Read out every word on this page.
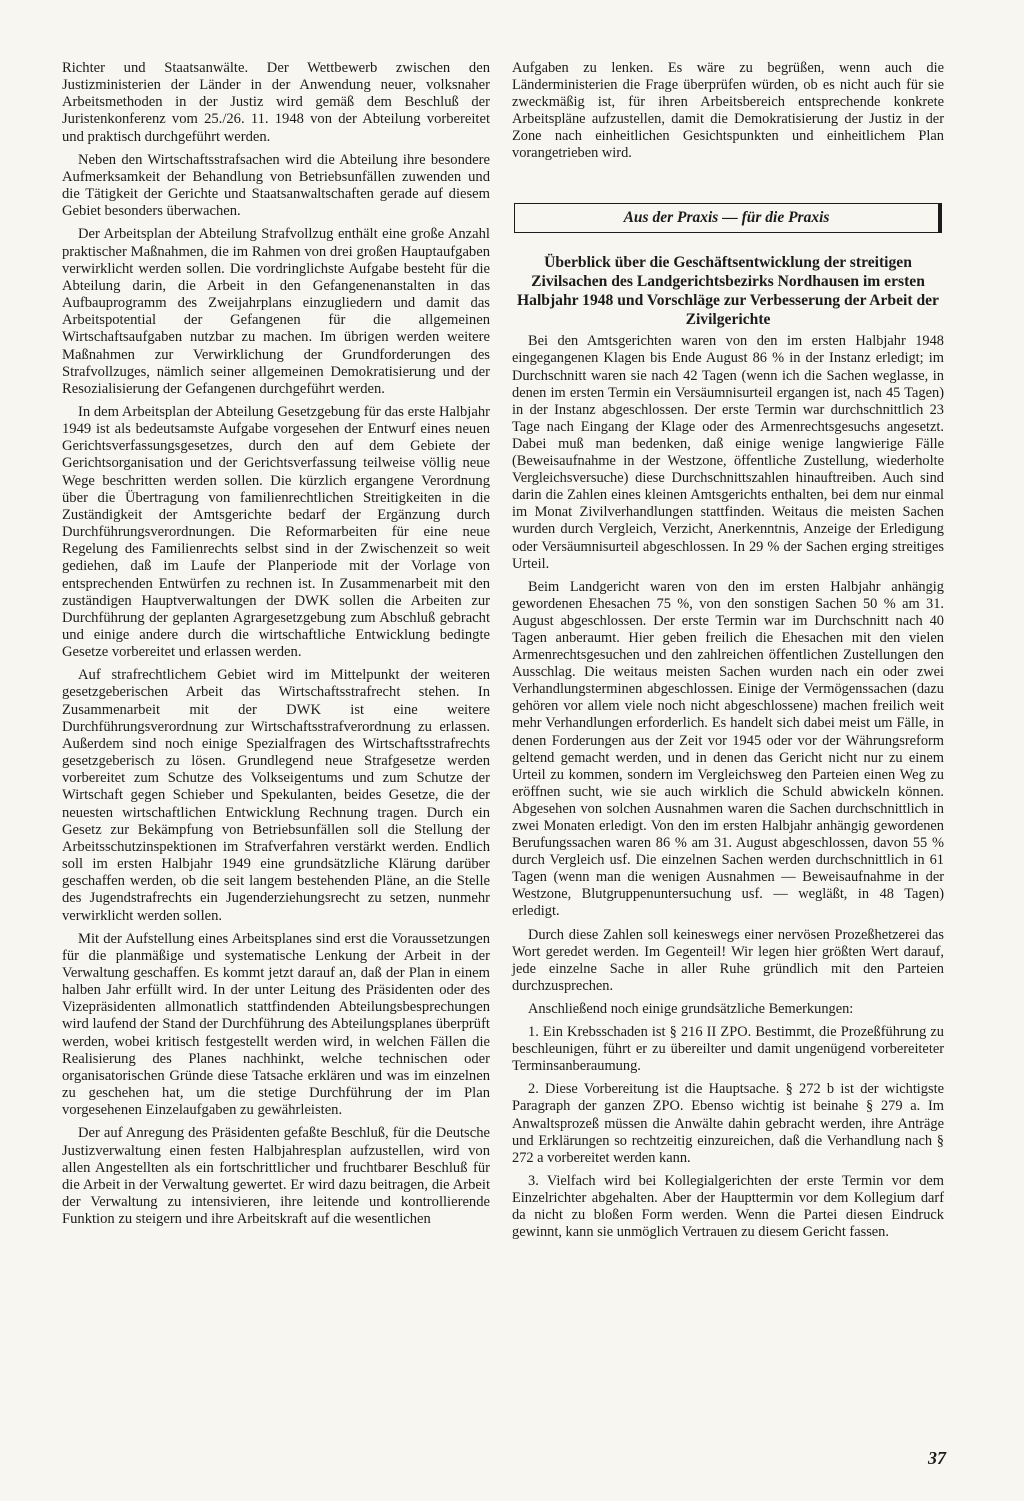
Richter und Staatsanwälte. Der Wettbewerb zwischen den Justizministerien der Länder in der Anwendung neuer, volksnaher Arbeitsmethoden in der Justiz wird gemäß dem Beschluß der Juristenkonferenz vom 25./26. 11. 1948 von der Abteilung vorbereitet und praktisch durchgeführt werden.

Neben den Wirtschaftsstrafsachen wird die Abteilung ihre besondere Aufmerksamkeit der Behandlung von Betriebsunfällen zuwenden und die Tätigkeit der Gerichte und Staatsanwaltschaften gerade auf diesem Gebiet besonders überwachen.

Der Arbeitsplan der Abteilung Strafvollzug enthält eine große Anzahl praktischer Maßnahmen, die im Rahmen von drei großen Hauptaufgaben verwirklicht werden sollen. Die vordringlichste Aufgabe besteht für die Abteilung darin, die Arbeit in den Gefangenenanstalten in das Aufbauprogramm des Zweijahrplans einzugliedern und damit das Arbeitspotential der Gefangenen für die allgemeinen Wirtschaftsaufgaben nutzbar zu machen. Im übrigen werden weitere Maßnahmen zur Verwirklichung der Grundforderungen des Strafvollzuges, nämlich seiner allgemeinen Demokratisierung und der Resozialisierung der Gefangenen durchgeführt werden.

In dem Arbeitsplan der Abteilung Gesetzgebung für das erste Halbjahr 1949 ist als bedeutsamste Aufgabe vorgesehen der Entwurf eines neuen Gerichtsverfassungsgesetzes, durch den auf dem Gebiete der Gerichtsorganisation und der Gerichtsverfassung teilweise völlig neue Wege beschritten werden sollen. Die kürzlich ergangene Verordnung über die Übertragung von familienrechtlichen Streitigkeiten in die Zuständigkeit der Amtsgerichte bedarf der Ergänzung durch Durchführungsverordnungen. Die Reformarbeiten für eine neue Regelung des Familienrechts selbst sind in der Zwischenzeit so weit gediehen, daß im Laufe der Planperiode mit der Vorlage von entsprechenden Entwürfen zu rechnen ist. In Zusammenarbeit mit den zuständigen Hauptverwaltungen der DWK sollen die Arbeiten zur Durchführung der geplanten Agrargesetzgebung zum Abschluß gebracht und einige andere durch die wirtschaftliche Entwicklung bedingte Gesetze vorbereitet und erlassen werden.

Auf strafrechtlichem Gebiet wird im Mittelpunkt der weiteren gesetzgeberischen Arbeit das Wirtschaftsstrafrecht stehen. In Zusammenarbeit mit der DWK ist eine weitere Durchführungsverordnung zur Wirtschaftsstrafverordnung zu erlassen. Außerdem sind noch einige Spezialfragen des Wirtschaftsstrafrechts gesetzgeberisch zu lösen. Grundlegend neue Strafgesetze werden vorbereitet zum Schutze des Volkseigentums und zum Schutze der Wirtschaft gegen Schieber und Spekulanten, beides Gesetze, die der neuesten wirtschaftlichen Entwicklung Rechnung tragen. Durch ein Gesetz zur Bekämpfung von Betriebsunfällen soll die Stellung der Arbeitsschutzinspektionen im Strafverfahren verstärkt werden. Endlich soll im ersten Halbjahr 1949 eine grundsätzliche Klärung darüber geschaffen werden, ob die seit langem bestehenden Pläne, an die Stelle des Jugendstrafrechts ein Jugenderziehungsrecht zu setzen, nunmehr verwirklicht werden sollen.

Mit der Aufstellung eines Arbeitsplanes sind erst die Voraussetzungen für die planmäßige und systematische Lenkung der Arbeit in der Verwaltung geschaffen. Es kommt jetzt darauf an, daß der Plan in einem halben Jahr erfüllt wird. In der unter Leitung des Präsidenten oder des Vizepräsidenten allmonatlich stattfindenden Abteilungsbesprechungen wird laufend der Stand der Durchführung des Abteilungsplanes überprüft werden, wobei kritisch festgestellt werden wird, in welchen Fällen die Realisierung des Planes nachhinkt, welche technischen oder organisatorischen Gründe diese Tatsache erklären und was im einzelnen zu geschehen hat, um die stetige Durchführung der im Plan vorgesehenen Einzelaufgaben zu gewährleisten.

Der auf Anregung des Präsidenten gefaßte Beschluß, für die Deutsche Justizverwaltung einen festen Halbjahresplan aufzustellen, wird von allen Angestellten als ein fortschrittlicher und fruchtbarer Beschluß für die Arbeit in der Verwaltung gewertet. Er wird dazu beitragen, die Arbeit der Verwaltung zu intensivieren, ihre leitende und kontrollierende Funktion zu steigern und ihre Arbeitskraft auf die wesentlichen

Aufgaben zu lenken. Es wäre zu begrüßen, wenn auch die Länderministerien die Frage überprüfen würden, ob es nicht auch für sie zweckmäßig ist, für ihren Arbeitsbereich entsprechende konkrete Arbeitspläne aufzustellen, damit die Demokratisierung der Justiz in der Zone nach einheitlichen Gesichtspunkten und einheitlichem Plan vorangetrieben wird.

Aus der Praxis — für die Praxis
Überblick über die Geschäftsentwicklung der streitigen Zivilsachen des Landgerichtsbezirks Nordhausen im ersten Halbjahr 1948 und Vorschläge zur Verbesserung der Arbeit der Zivilgerichte

Bei den Amtsgerichten waren von den im ersten Halbjahr 1948 eingegangenen Klagen bis Ende August 86 % in der Instanz erledigt; im Durchschnitt waren sie nach 42 Tagen (wenn ich die Sachen weglasse, in denen im ersten Termin ein Versäumnisurteil ergangen ist, nach 45 Tagen) in der Instanz abgeschlossen. Der erste Termin war durchschnittlich 23 Tage nach Eingang der Klage oder des Armenrechtsgesuchs angesetzt. Dabei muß man bedenken, daß einige wenige langwierige Fälle (Beweisaufnahme in der Westzone, öffentliche Zustellung, wiederholte Vergleichsversuche) diese Durchschnittszahlen hinauftreiben. Auch sind darin die Zahlen eines kleinen Amtsgerichts enthalten, bei dem nur einmal im Monat Zivilverhandlungen stattfinden. Weitaus die meisten Sachen wurden durch Vergleich, Verzicht, Anerkenntnis, Anzeige der Erledigung oder Versäumnisurteil abgeschlossen. In 29 % der Sachen erging streitiges Urteil.

Beim Landgericht waren von den im ersten Halbjahr anhängig gewordenen Ehesachen 75 %, von den sonstigen Sachen 50 % am 31. August abgeschlossen. Der erste Termin war im Durchschnitt nach 40 Tagen anberaumt. Hier geben freilich die Ehesachen mit den vielen Armenrechtsgesuchen und den zahlreichen öffentlichen Zustellungen den Ausschlag. Die weitaus meisten Sachen wurden nach ein oder zwei Verhandlungsterminen abgeschlossen. Einige der Vermögenssachen (dazu gehören vor allem viele noch nicht abgeschlossene) machen freilich weit mehr Verhandlungen erforderlich. Es handelt sich dabei meist um Fälle, in denen Forderungen aus der Zeit vor 1945 oder vor der Währungsreform geltend gemacht werden, und in denen das Gericht nicht nur zu einem Urteil zu kommen, sondern im Vergleichsweg den Parteien einen Weg zu eröffnen sucht, wie sie auch wirklich die Schuld abwickeln können. Abgesehen von solchen Ausnahmen waren die Sachen durchschnittlich in zwei Monaten erledigt. Von den im ersten Halbjahr anhängig gewordenen Berufungssachen waren 86 % am 31. August abgeschlossen, davon 55 % durch Vergleich usf. Die einzelnen Sachen werden durchschnittlich in 61 Tagen (wenn man die wenigen Ausnahmen — Beweisaufnahme in der Westzone, Blutgruppenuntersuchung usf. — wegläßt, in 48 Tagen) erledigt.

Durch diese Zahlen soll keineswegs einer nervösen Prozeßhetzerei das Wort geredet werden. Im Gegenteil! Wir legen hier größten Wert darauf, jede einzelne Sache in aller Ruhe gründlich mit den Parteien durchzusprechen.

Anschließend noch einige grundsätzliche Bemerkungen:

1. Ein Krebsschaden ist § 216 II ZPO. Bestimmt, die Prozeßführung zu beschleunigen, führt er zu übereilter und damit ungenügend vorbereiteter Terminsanberaumung.

2. Diese Vorbereitung ist die Hauptsache. § 272 b ist der wichtigste Paragraph der ganzen ZPO. Ebenso wichtig ist beinahe § 279 a. Im Anwaltsprozeß müssen die Anwälte dahin gebracht werden, ihre Anträge und Erklärungen so rechtzeitig einzureichen, daß die Verhandlung nach § 272 a vorbereitet werden kann.

3. Vielfach wird bei Kollegialgerichten der erste Termin vor dem Einzelrichter abgehalten. Aber der Haupttermin vor dem Kollegium darf da nicht zu bloßen Form werden. Wenn die Partei diesen Eindruck gewinnt, kann sie unmöglich Vertrauen zu diesem Gericht fassen.

37
